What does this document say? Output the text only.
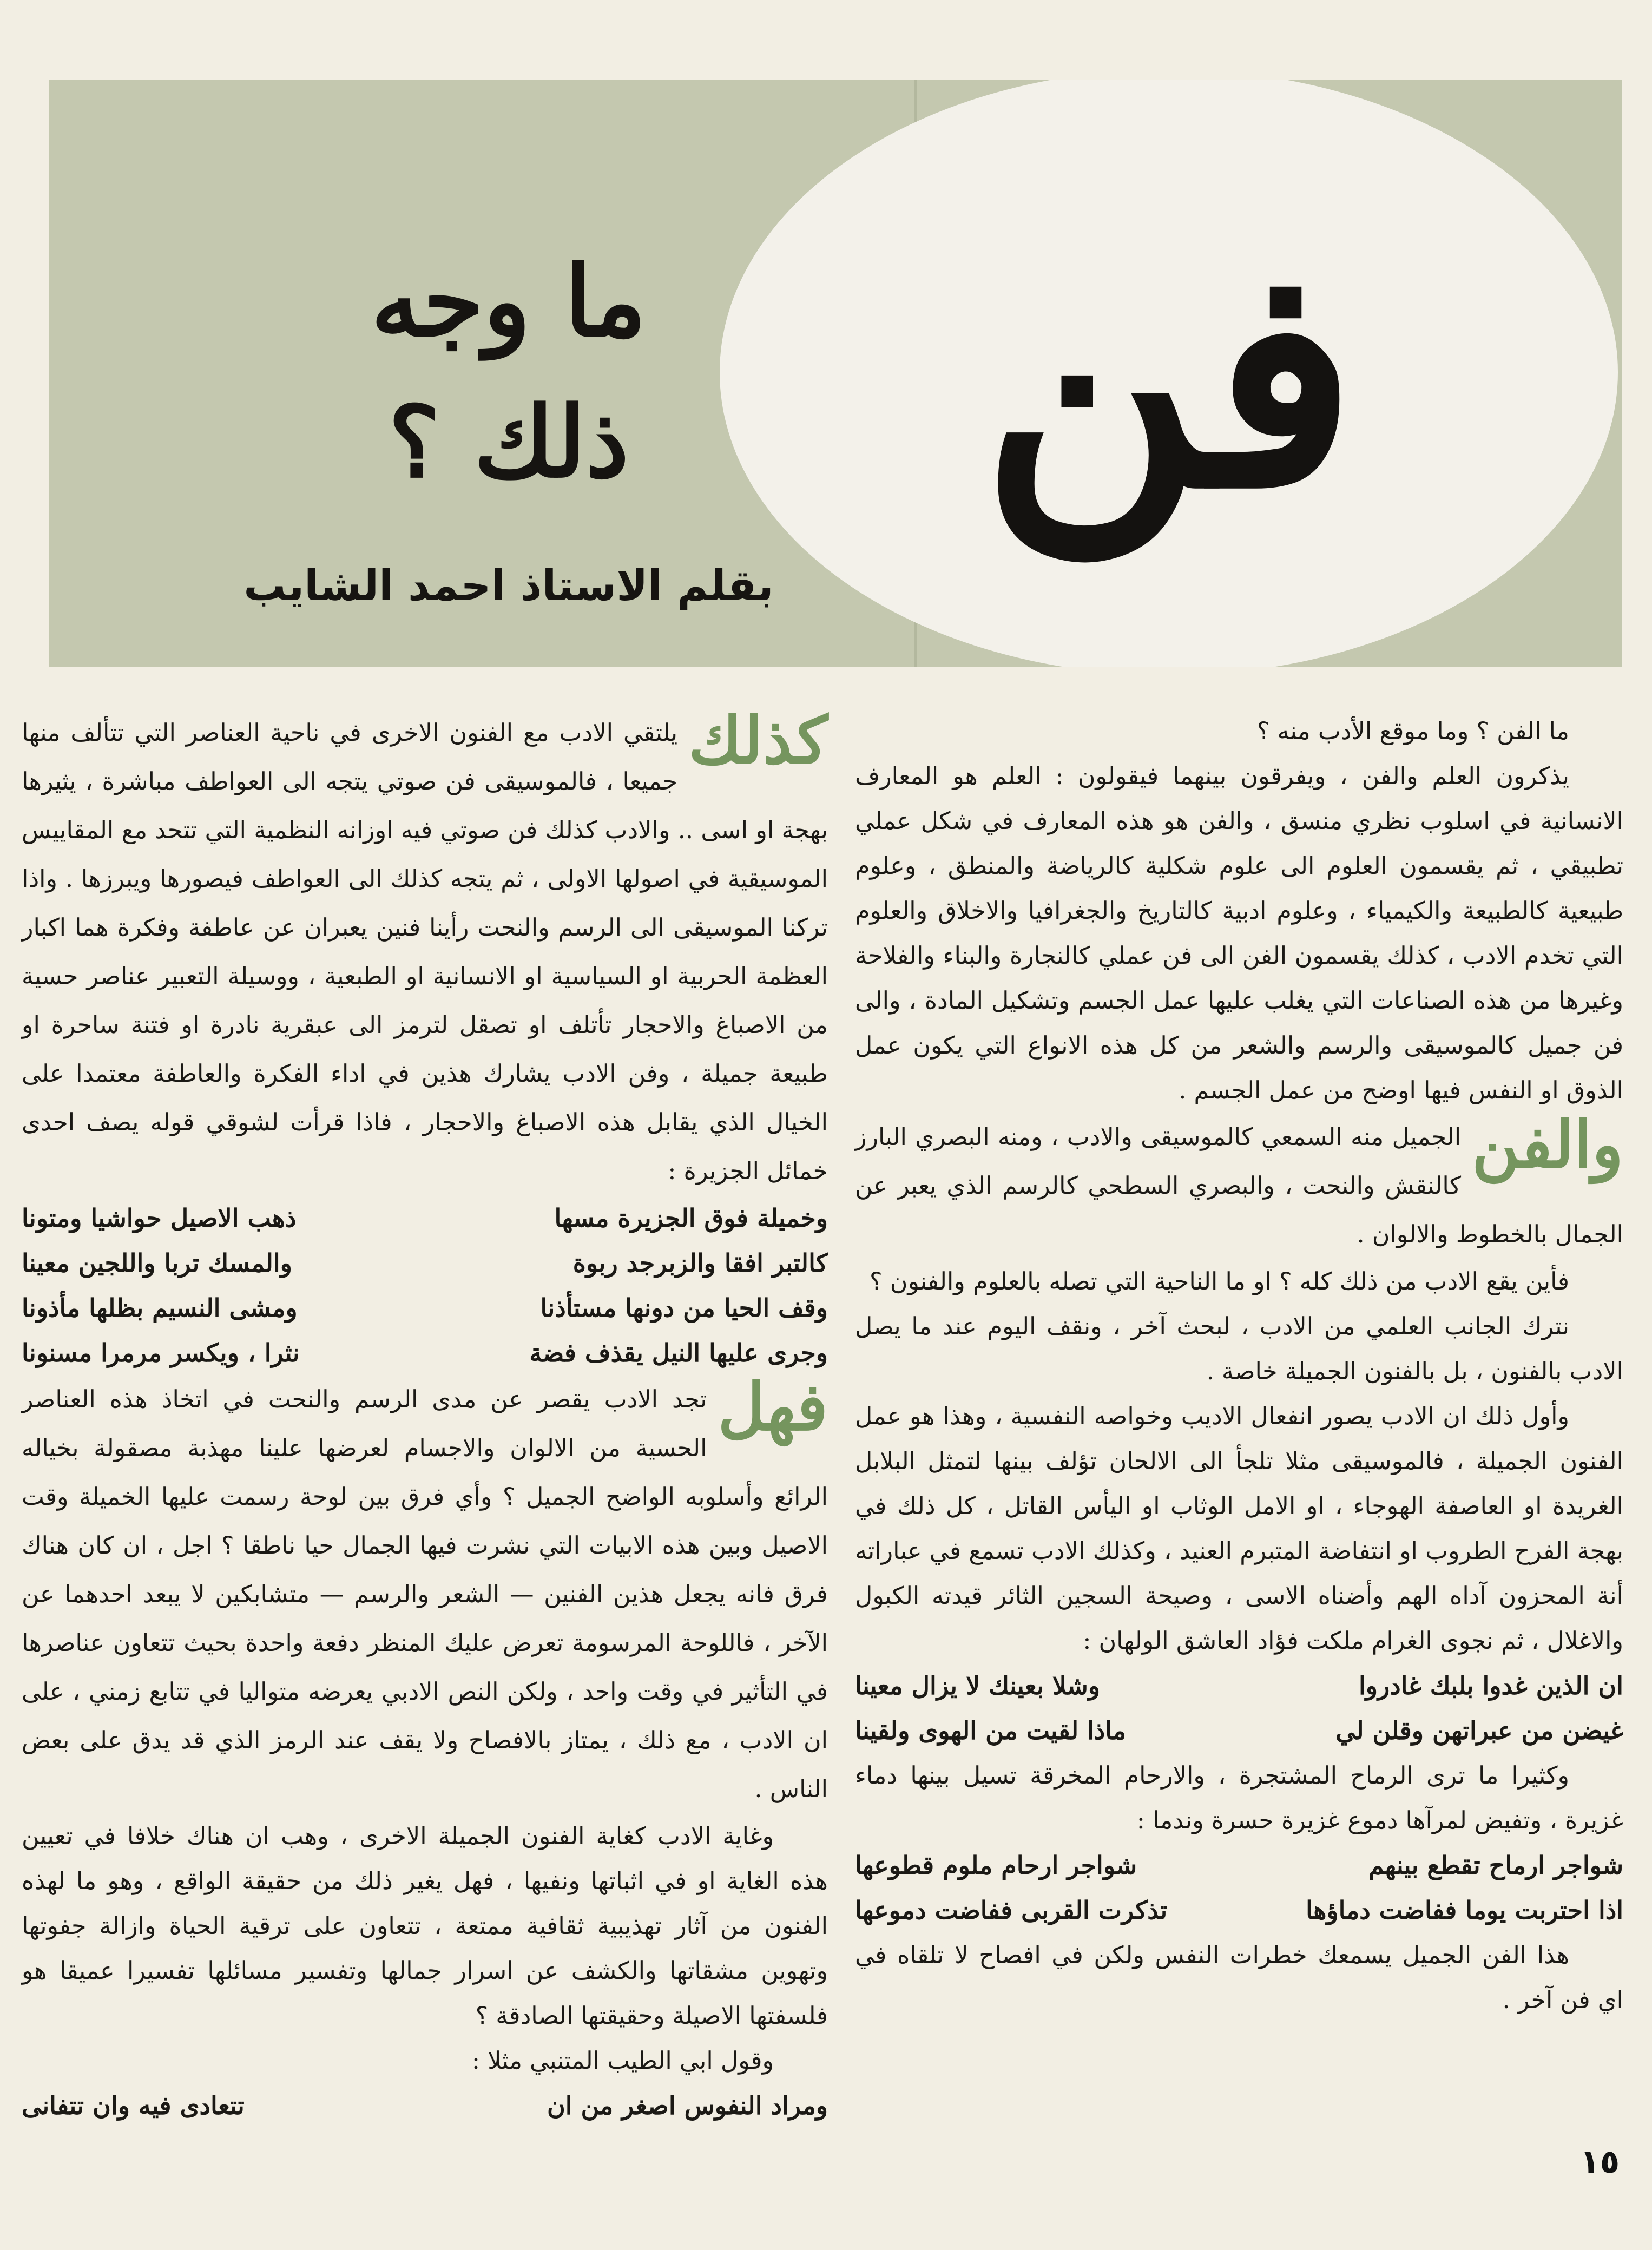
فن
ما وجه
ذلك ؟
بقلم الاستاذ احمد الشايب

ما الفن ؟ وما موقع الأدب منه ؟

يذكرون العلم والفن ، ويفرقون بينهما فيقولون : العلم هو المعارف الانسانية في اسلوب نظري منسق ، والفن هو هذه المعارف في شكل عملي تطبيقي ، ثم يقسمون العلوم الى علوم شكلية كالرياضة والمنطق ، وعلوم طبيعية كالطبيعة والكيمياء ، وعلوم ادبية كالتاريخ والجغرافيا والاخلاق والعلوم التي تخدم الادب ، كذلك يقسمون الفن الى فن عملي كالنجارة والبناء والفلاحة وغيرها من هذه الصناعات التي يغلب عليها عمل الجسم وتشكيل المادة ، والى فن جميل كالموسيقى والرسم والشعر من كل هذه الانواع التي يكون عمل الذوق او النفس فيها اوضح من عمل الجسم .

والفن
الجميل منه السمعي كالموسيقى والادب ، ومنه البصري البارز كالنقش والنحت ، والبصري السطحي كالرسم الذي يعبر عن الجمال بالخطوط والالوان .

فأين يقع الادب من ذلك كله ؟ او ما الناحية التي تصله بالعلوم والفنون ؟

نترك الجانب العلمي من الادب ، لبحث آخر ، ونقف اليوم عند ما يصل الادب بالفنون ، بل بالفنون الجميلة خاصة .

وأول ذلك ان الادب يصور انفعال الاديب وخواصه النفسية ، وهذا هو عمل الفنون الجميلة ، فالموسيقى مثلا تلجأ الى الالحان تؤلف بينها لتمثل البلابل الغريدة او العاصفة الهوجاء ، او الامل الوثاب او اليأس القاتل ، كل ذلك في بهجة الفرح الطروب او انتفاضة المتبرم العنيد ، وكذلك الادب تسمع في عباراته أنة المحزون آداه الهم وأضناه الاسى ، وصيحة السجين الثائر قيدته الكبول والاغلال ، ثم نجوى الغرام ملكت فؤاد العاشق الولهان :

ان الذين غدوا بلبك غادروا
وشلا بعينك لا يزال معينا
غيضن من عبراتهن وقلن لي
ماذا لقيت من الهوى ولقينا

وكثيرا ما ترى الرماح المشتجرة ، والارحام المخرقة تسيل بينها دماء غزيرة ، وتفيض لمرآها دموع غزيرة حسرة وندما :

شواجر ارماح تقطع بينهم
شواجر ارحام ملوم قطوعها
اذا احتربت يوما ففاضت دماؤها
تذكرت القربى ففاضت دموعها

هذا الفن الجميل يسمعك خطرات النفس ولكن في افصاح لا تلقاه في اي فن آخر .

كذلك
يلتقي الادب مع الفنون الاخرى في ناحية العناصر التي تتألف منها جميعا ، فالموسيقى فن صوتي يتجه الى العواطف مباشرة ، يثيرها بهجة او اسى .. والادب كذلك فن صوتي فيه اوزانه النظمية التي تتحد مع المقاييس الموسيقية في اصولها الاولى ، ثم يتجه كذلك الى العواطف فيصورها ويبرزها . واذا تركنا الموسيقى الى الرسم والنحت رأينا فنين يعبران عن عاطفة وفكرة هما اكبار العظمة الحربية او السياسية او الانسانية او الطبعية ، ووسيلة التعبير عناصر حسية من الاصباغ والاحجار تأتلف او تصقل لترمز الى عبقرية نادرة او فتنة ساحرة او طبيعة جميلة ، وفن الادب يشارك هذين في اداء الفكرة والعاطفة معتمدا على الخيال الذي يقابل هذه الاصباغ والاحجار ، فاذا قرأت لشوقي قوله يصف احدى خمائل الجزيرة :

وخميلة فوق الجزيرة مسها
ذهب الاصيل حواشيا ومتونا
كالتبر افقا والزبرجد ربوة
والمسك تربا واللجين معينا
وقف الحيا من دونها مستأذنا
ومشى النسيم بظلها مأذونا
وجرى عليها النيل يقذف فضة
نثرا ، ويكسر مرمرا مسنونا

فهل
تجد الادب يقصر عن مدى الرسم والنحت في اتخاذ هذه العناصر الحسية من الالوان والاجسام لعرضها علينا مهذبة مصقولة بخياله الرائع وأسلوبه الواضح الجميل ؟ وأي فرق بين لوحة رسمت عليها الخميلة وقت الاصيل وبين هذه الابيات التي نشرت فيها الجمال حيا ناطقا ؟ اجل ، ان كان هناك فرق فانه يجعل هذين الفنين — الشعر والرسم — متشابكين لا يبعد احدهما عن الآخر ، فاللوحة المرسومة تعرض عليك المنظر دفعة واحدة بحيث تتعاون عناصرها في التأثير في وقت واحد ، ولكن النص الادبي يعرضه متواليا في تتابع زمني ، على ان الادب ، مع ذلك ، يمتاز بالافصاح ولا يقف عند الرمز الذي قد يدق على بعض الناس .

وغاية الادب كغاية الفنون الجميلة الاخرى ، وهب ان هناك خلافا في تعيين هذه الغاية او في اثباتها ونفيها ، فهل يغير ذلك من حقيقة الواقع ، وهو ما لهذه الفنون من آثار تهذيبية ثقافية ممتعة ، تتعاون على ترقية الحياة وازالة جفوتها وتهوين مشقاتها والكشف عن اسرار جمالها وتفسير مسائلها تفسيرا عميقا هو فلسفتها الاصيلة وحقيقتها الصادقة ؟

وقول ابي الطيب المتنبي مثلا :

ومراد النفوس اصغر من ان
تتعادى فيه وان تتفانى
١٥
